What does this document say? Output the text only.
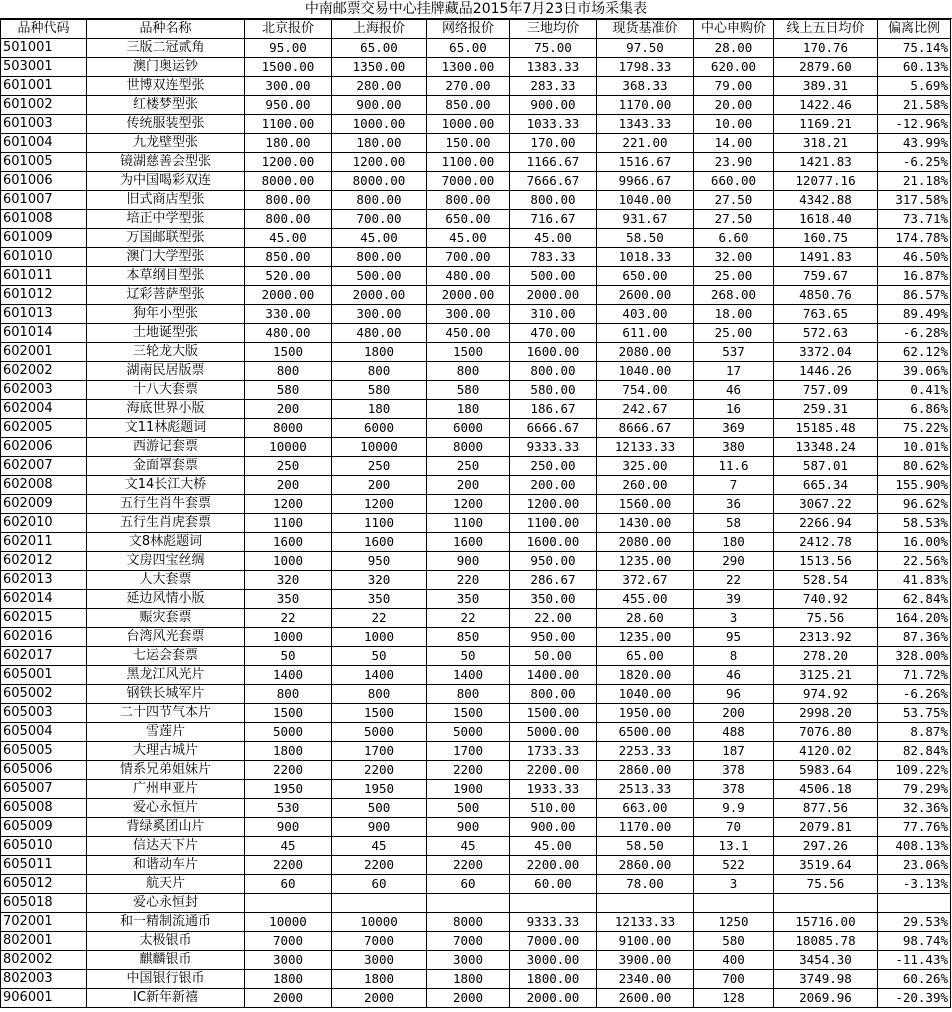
中南邮票交易中心挂牌藏品2015年7月23日市场采集表
品种代码	品种名称	北京报价	上海报价	网络报价	三地均价	现货基准价	中心申购价	线上五日均价	偏离比例
501001	三版二冠贰角	95.00	65.00	65.00	75.00	97.50	28.00	170.76	75.14%
503001	澳门奥运钞	1500.00	1350.00	1300.00	1383.33	1798.33	620.00	2879.60	60.13%
601001	世博双连型张	300.00	280.00	270.00	283.33	368.33	79.00	389.31	5.69%
601002	红楼梦型张	950.00	900.00	850.00	900.00	1170.00	20.00	1422.46	21.58%
601003	传统服装型张	1100.00	1000.00	1000.00	1033.33	1343.33	10.00	1169.21	-12.96%
601004	九龙壁型张	180.00	180.00	150.00	170.00	221.00	14.00	318.21	43.99%
601005	镜湖慈善会型张	1200.00	1200.00	1100.00	1166.67	1516.67	23.90	1421.83	-6.25%
601006	为中国喝彩双连	8000.00	8000.00	7000.00	7666.67	9966.67	660.00	12077.16	21.18%
601007	旧式商店型张	800.00	800.00	800.00	800.00	1040.00	27.50	4342.88	317.58%
601008	培正中学型张	800.00	700.00	650.00	716.67	931.67	27.50	1618.40	73.71%
601009	万国邮联型张	45.00	45.00	45.00	45.00	58.50	6.60	160.75	174.78%
601010	澳门大学型张	850.00	800.00	700.00	783.33	1018.33	32.00	1491.83	46.50%
601011	本草纲目型张	520.00	500.00	480.00	500.00	650.00	25.00	759.67	16.87%
601012	辽彩菩萨型张	2000.00	2000.00	2000.00	2000.00	2600.00	268.00	4850.76	86.57%
601013	狗年小型张	330.00	300.00	300.00	310.00	403.00	18.00	763.65	89.49%
601014	土地诞型张	480.00	480.00	450.00	470.00	611.00	25.00	572.63	-6.28%
602001	三轮龙大版	1500	1800	1500	1600.00	2080.00	537	3372.04	62.12%
602002	湖南民居版票	800	800	800	800.00	1040.00	17	1446.26	39.06%
602003	十八大套票	580	580	580	580.00	754.00	46	757.09	0.41%
602004	海底世界小版	200	180	180	186.67	242.67	16	259.31	6.86%
602005	文11林彪题词	8000	6000	6000	6666.67	8666.67	369	15185.48	75.22%
602006	西游记套票	10000	10000	8000	9333.33	12133.33	380	13348.24	10.01%
602007	金面罩套票	250	250	250	250.00	325.00	11.6	587.01	80.62%
602008	文14长江大桥	200	200	200	200.00	260.00	7	665.34	155.90%
602009	五行生肖牛套票	1200	1200	1200	1200.00	1560.00	36	3067.22	96.62%
602010	五行生肖虎套票	1100	1100	1100	1100.00	1430.00	58	2266.94	58.53%
602011	文8林彪题词	1600	1600	1600	1600.00	2080.00	180	2412.78	16.00%
602012	文房四宝丝绸	1000	950	900	950.00	1235.00	290	1513.56	22.56%
602013	人大套票	320	320	220	286.67	372.67	22	528.54	41.83%
602014	延边风情小版	350	350	350	350.00	455.00	39	740.92	62.84%
602015	赈灾套票	22	22	22	22.00	28.60	3	75.56	164.20%
602016	台湾风光套票	1000	1000	850	950.00	1235.00	95	2313.92	87.36%
602017	七运会套票	50	50	50	50.00	65.00	8	278.20	328.00%
605001	黑龙江风光片	1400	1400	1400	1400.00	1820.00	46	3125.21	71.72%
605002	钢铁长城军片	800	800	800	800.00	1040.00	96	974.92	-6.26%
605003	二十四节气本片	1500	1500	1500	1500.00	1950.00	200	2998.20	53.75%
605004	雪莲片	5000	5000	5000	5000.00	6500.00	488	7076.80	8.87%
605005	大理古城片	1800	1700	1700	1733.33	2253.33	187	4120.02	82.84%
605006	情系兄弟姐妹片	2200	2200	2200	2200.00	2860.00	378	5983.64	109.22%
605007	广州申亚片	1950	1950	1900	1933.33	2513.33	378	4506.18	79.29%
605008	爱心永恒片	530	500	500	510.00	663.00	9.9	877.56	32.36%
605009	背绿奚团山片	900	900	900	900.00	1170.00	70	2079.81	77.76%
605010	信达天下片	45	45	45	45.00	58.50	13.1	297.26	408.13%
605011	和谐动车片	2200	2200	2200	2200.00	2860.00	522	3519.64	23.06%
605012	航天片	60	60	60	60.00	78.00	3	75.56	-3.13%
605018	爱心永恒封								
702001	和一精制流通币	10000	10000	8000	9333.33	12133.33	1250	15716.00	29.53%
802001	太极银币	7000	7000	7000	7000.00	9100.00	580	18085.78	98.74%
802002	麒麟银币	3000	3000	3000	3000.00	3900.00	400	3454.30	-11.43%
802003	中国银行银币	1800	1800	1800	1800.00	2340.00	700	3749.98	60.26%
906001	IC新年新禧	2000	2000	2000	2000.00	2600.00	128	2069.96	-20.39%
